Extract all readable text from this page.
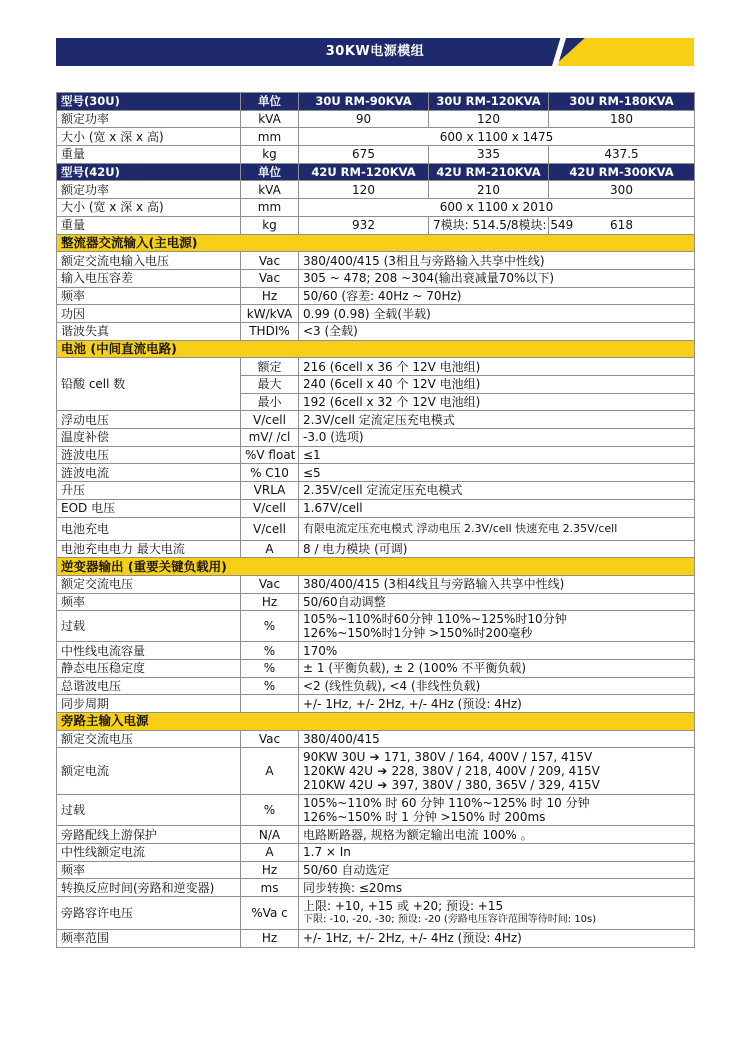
30KW电源模组
型号(30U)	单位	30U RM-90KVA	30U RM-120KVA	30U RM-180KVA
额定功率	kVA	90	120	180
大小 (宽 x 深 x 高)	mm	600 x 1100 x 1475		
重量	kg	675	335	437.5
型号(42U)	单位	42U RM-120KVA	42U RM-210KVA	42U RM-300KVA
额定功率	kVA	120	210	300
大小 (宽 x 深 x 高)	mm	600 x 1100 x 2010		
重量	kg	932	7模块: 514.5/8模块: 549	618
整流器交流输入(主电源)				
额定交流电输入电压	Vac	380/400/415 (3相且与旁路输入共享中性线)		
输入电压容差	Vac	305 ~ 478; 208 ~304(输出衰减量70%以下)		
频率	Hz	50/60 (容差: 40Hz ~ 70Hz)		
功因	kW/kVA	0.99 (0.98) 全载(半载)		
谐波失真	THDI%	<3 (全载)		
电池 (中间直流电路)				
铅酸 cell 数	额定	216 (6cell x 36 个 12V 电池组)		
	最大	240 (6cell x 40 个 12V 电池组)		
	最小	192 (6cell x 32 个 12V 电池组)		
浮动电压	V/cell	2.3V/cell 定流定压充电模式		
温度补偿	mV/ /cl	-3.0 (选项)		
涟波电压	%V float	≤1		
涟波电流	% C10	≤5		
升压	VRLA	2.35V/cell 定流定压充电模式		
EOD 电压	V/cell	1.67V/cell		
电池充电	V/cell	有限电流定压充电模式 浮动电压 2.3V/cell 快速充电 2.35V/cell		
电池充电电力 最大电流	A	8 / 电力模块 (可调)		
逆变器输出 (重要关键负载用)				
额定交流电压	Vac	380/400/415 (3相4线且与旁路输入共享中性线)		
频率	Hz	50/60自动调整		
过载	%	105%~110%时60分钟 110%~125%时10分钟
126%~150%时1分钟 >150%时200毫秒		

中性线电流容量	%	170%		
静态电压稳定度	%	± 1 (平衡负载), ± 2 (100% 不平衡负载)		
总谐波电压	%	<2 (线性负载), <4 (非线性负载)		
同步周期		+/- 1Hz, +/- 2Hz, +/- 4Hz (预设: 4Hz)		
旁路主输入电源				
额定交流电压	Vac	380/400/415		
额定电流	A	90KW 30U ➔ 171, 380V / 164, 400V / 157, 415V
120KW 42U ➔ 228, 380V / 218, 400V / 209, 415V
210KW 42U ➔ 397, 380V / 380, 365V / 329, 415V		

过载	%	105%~110% 时 60 分钟 110%~125% 时 10 分钟
126%~150% 时 1 分钟 >150% 时 200ms		

旁路配线上游保护	N/A	电路断路器, 规格为额定输出电流 100% 。		
中性线额定电流	A	1.7 × In		
频率	Hz	50/60 自动选定		
转换反应时间(旁路和逆变器)	ms	同步转换: ≤20ms		
旁路容许电压	%Va c	上限: +10, +15 或 +20; 预设: +15
下限: -10, -20, -30; 预设: -20 (旁路电压容许范围等待时间: 10s)		

频率范围	Hz	+/- 1Hz, +/- 2Hz, +/- 4Hz (预设: 4Hz)		
